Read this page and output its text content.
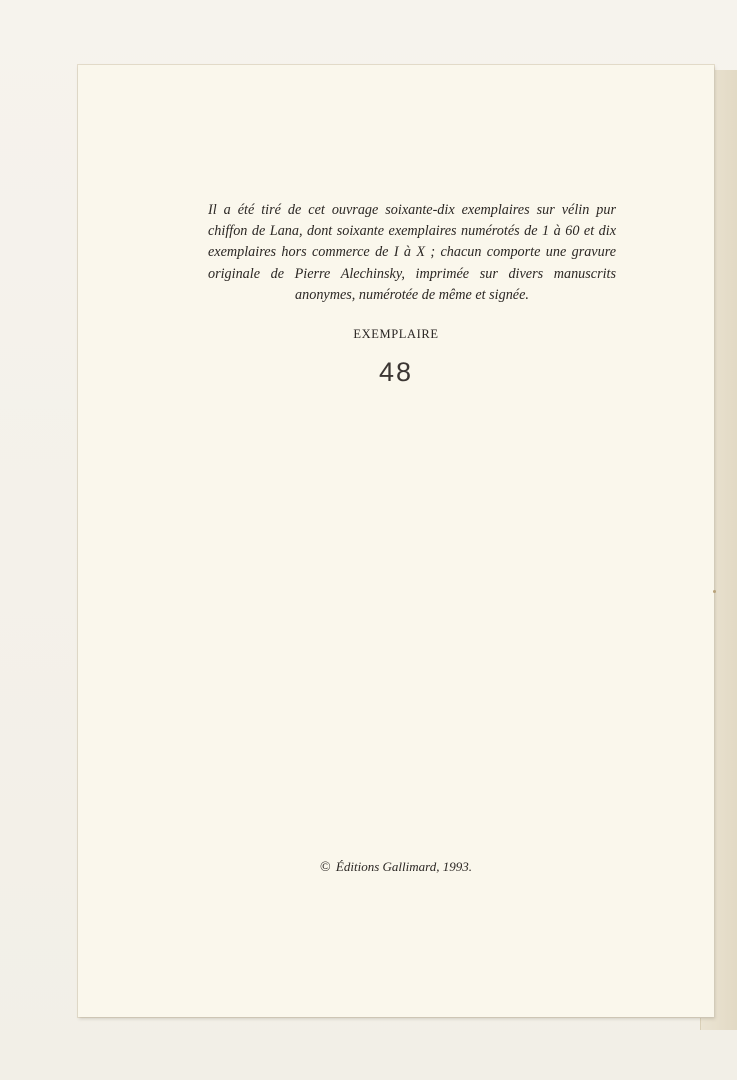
Il a été tiré de cet ouvrage soixante-dix exemplaires sur vélin pur chiffon de Lana, dont soixante exemplaires numérotés de 1 à 60 et dix exemplaires hors commerce de I à X ; chacun comporte une gravure originale de Pierre Alechinsky, imprimée sur divers manuscrits anonymes, numérotée de même et signée.

EXEMPLAIRE
48
© Éditions Gallimard, 1993.
